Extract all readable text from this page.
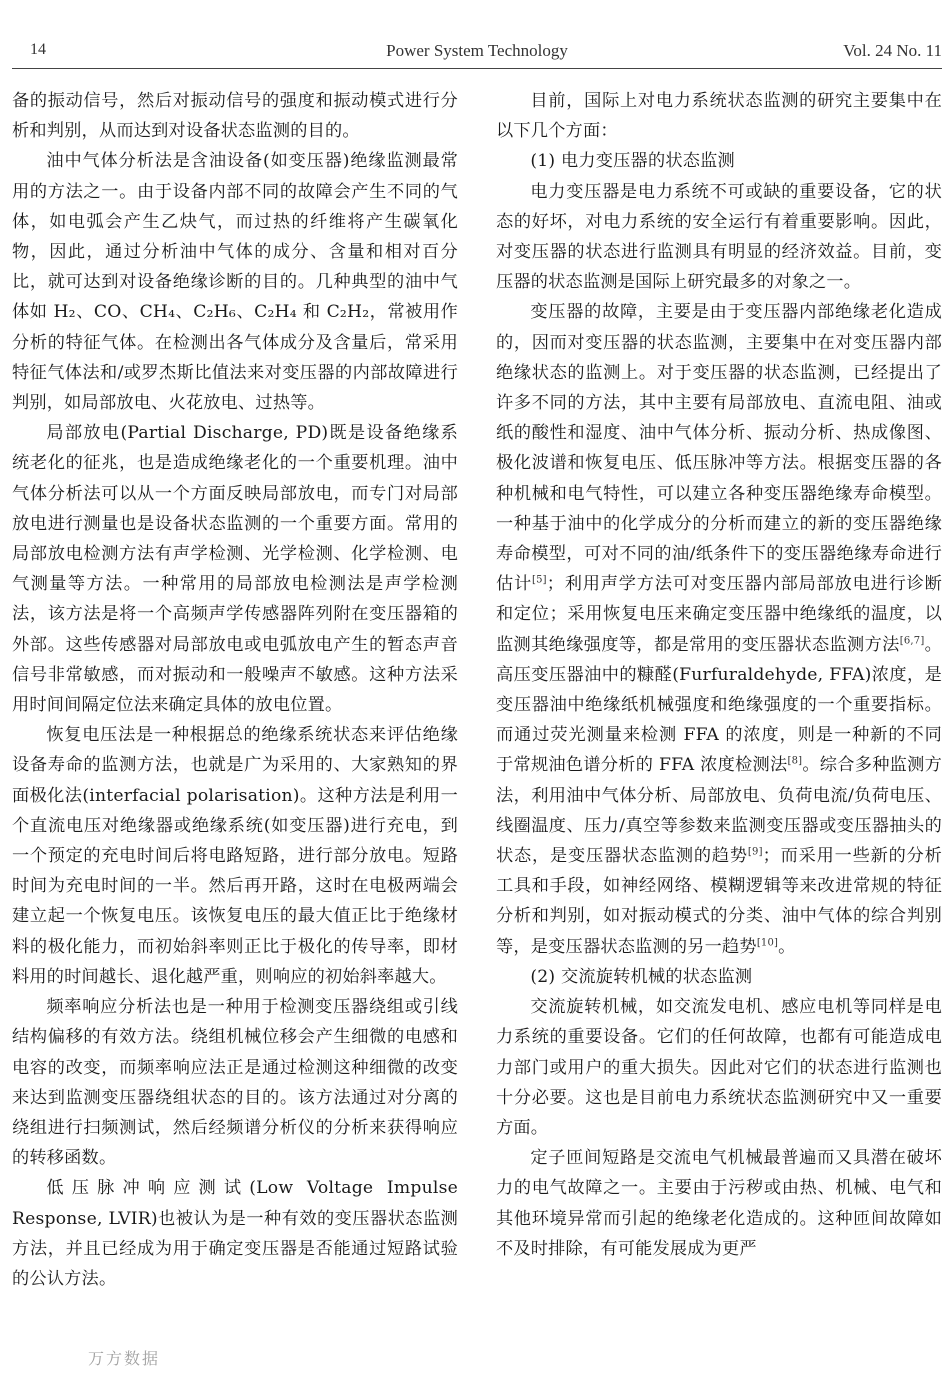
14	Power System Technology	Vol. 24 No. 11

备的振动信号，然后对振动信号的强度和振动模式进行分析和判别，从而达到对设备状态监测的目的。

油中气体分析法是含油设备(如变压器)绝缘监测最常用的方法之一。由于设备内部不同的故障会产生不同的气体，如电弧会产生乙炔气，而过热的纤维将产生碳氧化物，因此，通过分析油中气体的成分、含量和相对百分比，就可达到对设备绝缘诊断的目的。几种典型的油中气体如 H₂、CO、CH₄、C₂H₆、C₂H₄ 和 C₂H₂，常被用作分析的特征气体。在检测出各气体成分及含量后，常采用特征气体法和/或罗杰斯比值法来对变压器的内部故障进行判别，如局部放电、火花放电、过热等。

局部放电(Partial Discharge, PD)既是设备绝缘系统老化的征兆，也是造成绝缘老化的一个重要机理。油中气体分析法可以从一个方面反映局部放电，而专门对局部放电进行测量也是设备状态监测的一个重要方面。常用的局部放电检测方法有声学检测、光学检测、化学检测、电气测量等方法。一种常用的局部放电检测法是声学检测法，该方法是将一个高频声学传感器阵列附在变压器箱的外部。这些传感器对局部放电或电弧放电产生的暂态声音信号非常敏感，而对振动和一般噪声不敏感。这种方法采用时间间隔定位法来确定具体的放电位置。

恢复电压法是一种根据总的绝缘系统状态来评估绝缘设备寿命的监测方法，也就是广为采用的、大家熟知的界面极化法(interfacial polarisation)。这种方法是利用一个直流电压对绝缘器或绝缘系统(如变压器)进行充电，到一个预定的充电时间后将电路短路，进行部分放电。短路时间为充电时间的一半。然后再开路，这时在电极两端会建立起一个恢复电压。该恢复电压的最大值正比于绝缘材料的极化能力，而初始斜率则正比于极化的传导率，即材料用的时间越长、退化越严重，则响应的初始斜率越大。

频率响应分析法也是一种用于检测变压器绕组或引线结构偏移的有效方法。绕组机械位移会产生细微的电感和电容的改变，而频率响应法正是通过检测这种细微的改变来达到监测变压器绕组状态的目的。该方法通过对分离的绕组进行扫频测试，然后经频谱分析仪的分析来获得响应的转移函数。

低压脉冲响应测试(Low Voltage Impulse Response, LVIR)也被认为是一种有效的变压器状态监测方法，并且已经成为用于确定变压器是否能通过短路试验的公认方法。

目前，国际上对电力系统状态监测的研究主要集中在以下几个方面：

(1) 电力变压器的状态监测

电力变压器是电力系统不可或缺的重要设备，它的状态的好坏，对电力系统的安全运行有着重要影响。因此，对变压器的状态进行监测具有明显的经济效益。目前，变压器的状态监测是国际上研究最多的对象之一。

变压器的故障，主要是由于变压器内部绝缘老化造成的，因而对变压器的状态监测，主要集中在对变压器内部绝缘状态的监测上。对于变压器的状态监测，已经提出了许多不同的方法，其中主要有局部放电、直流电阻、油或纸的酸性和湿度、油中气体分析、振动分析、热成像图、极化波谱和恢复电压、低压脉冲等方法。根据变压器的各种机械和电气特性，可以建立各种变压器绝缘寿命模型。一种基于油中的化学成分的分析而建立的新的变压器绝缘寿命模型，可对不同的油/纸条件下的变压器绝缘寿命进行估计[5]；利用声学方法可对变压器内部局部放电进行诊断和定位；采用恢复电压来确定变压器中绝缘纸的温度，以监测其绝缘强度等，都是常用的变压器状态监测方法[6,7]。高压变压器油中的糠醛(Furfuraldehyde, FFA)浓度，是变压器油中绝缘纸机械强度和绝缘强度的一个重要指标。而通过荧光测量来检测 FFA 的浓度，则是一种新的不同于常规油色谱分析的 FFA 浓度检测法[8]。综合多种监测方法，利用油中气体分析、局部放电、负荷电流/负荷电压、线圈温度、压力/真空等参数来监测变压器或变压器抽头的状态，是变压器状态监测的趋势[9]；而采用一些新的分析工具和手段，如神经网络、模糊逻辑等来改进常规的特征分析和判别，如对振动模式的分类、油中气体的综合判别等，是变压器状态监测的另一趋势[10]。

(2) 交流旋转机械的状态监测

交流旋转机械，如交流发电机、感应电机等同样是电力系统的重要设备。它们的任何故障，也都有可能造成电力部门或用户的重大损失。因此对它们的状态进行监测也十分必要。这也是目前电力系统状态监测研究中又一重要方面。

定子匝间短路是交流电气机械最普遍而又具潜在破坏力的电气故障之一。主要由于污秽或由热、机械、电气和其他环境异常而引起的绝缘老化造成的。这种匝间故障如不及时排除，有可能发展成为更严

万方数据
